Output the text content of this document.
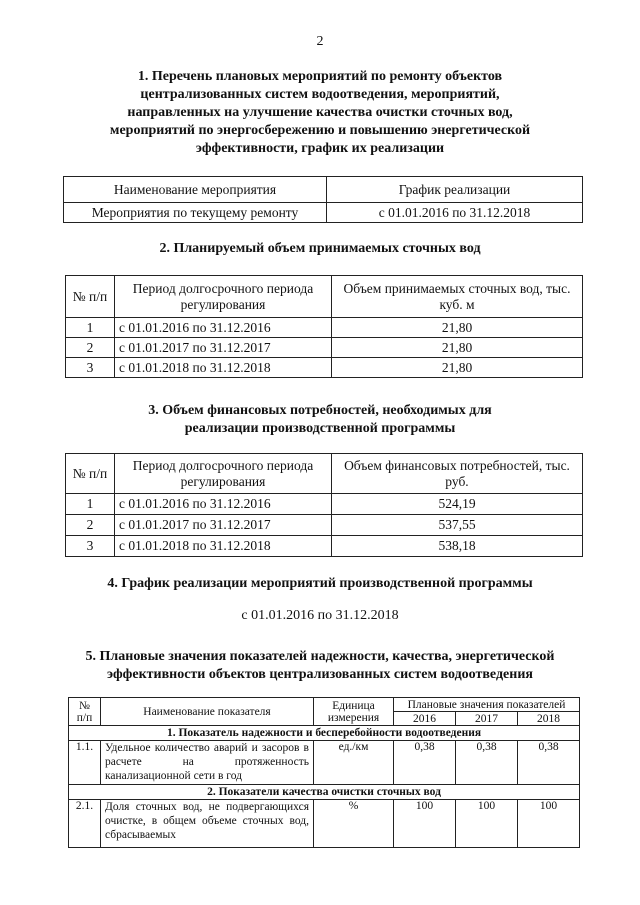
2
1. Перечень плановых мероприятий по ремонту объектов
централизованных систем водоотведения, мероприятий,
направленных на улучшение качества очистки сточных вод,
мероприятий по энергосбережению и повышению энергетической
эффективности, график их реализации
Наименование мероприятия	График реализации
Мероприятия по текущему ремонту	с 01.01.2016 по 31.12.2018
2. Планируемый объем принимаемых сточных вод
№ п/п	Период долгосрочного периода регулирования	Объем принимаемых сточных вод, тыс. куб. м
1	с 01.01.2016 по 31.12.2016	21,80
2	с 01.01.2017 по 31.12.2017	21,80
3	с 01.01.2018 по 31.12.2018	21,80
3. Объем финансовых потребностей, необходимых для
реализации производственной программы
№ п/п	Период долгосрочного периода регулирования	Объем финансовых потребностей, тыс. руб.
1	с 01.01.2016 по 31.12.2016	524,19
2	с 01.01.2017 по 31.12.2017	537,55
3	с 01.01.2018 по 31.12.2018	538,18
4. График реализации мероприятий производственной программы
с 01.01.2016 по 31.12.2018
5. Плановые значения показателей надежности, качества, энергетической
эффективности объектов централизованных систем водоотведения
№ п/п	Наименование показателя	Единица измерения	Плановые значения показателей		
			2016	2017	2018
1. Показатель надежности и бесперебойности водоотведения					
1.1.	Удельное количество аварий и засоров в расчете на протяженность канализационной сети в год	ед./км	0,38	0,38	0,38
2. Показатели качества очистки сточных вод					
2.1.	Доля сточных вод, не подвергающихся очистке, в общем объеме сточных вод, сбрасываемых	%	100	100	100
